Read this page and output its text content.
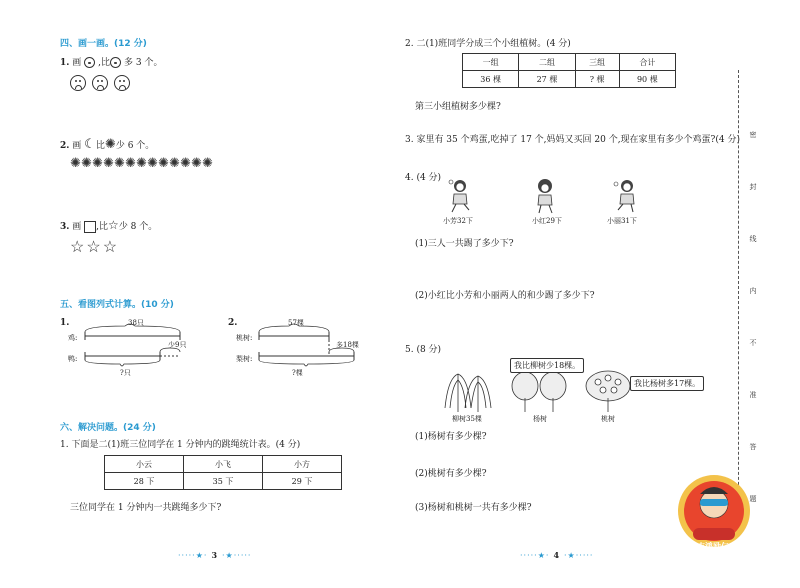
四、画一画。(12 分)
1. 画 ,比 多 3 个。

2. 画 ☾比✺少 6 个。
✺✺✺✺✺✺✺✺✺✺✺✺✺
3. 画 ,比☆少 8 个。
☆ ☆ ☆
五、看图列式计算。(10 分)
1.
鸡:
鸭:
38只
少9只
?只
2.
桃树:
梨树:
57棵
多18棵
?棵
六、解决问题。(24 分)
1. 下面是二(1)班三位同学在 1 分钟内的跳绳统计表。(4 分)
小云	小飞	小方
28 下	35 下	29 下
三位同学在 1 分钟内一共跳绳多少下?
·····★· 3 ·★·····
2. 二(1)班同学分成三个小组植树。(4 分)
一组	二组	三组	合计
36 棵	27 棵	? 棵	90 棵
第三小组植树多少棵?
3. 家里有 35 个鸡蛋,吃掉了 17 个,妈妈又买回 20 个,现在家里有多少个鸡蛋?(4 分)
4. (4 分)
小芳32下	小红29下	小丽31下
(1)三人一共踢了多少下?
(2)小红比小芳和小丽两人的和少踢了多少下?
5. (8 分)
我比柳树少18棵。
我比杨树多17棵。
柳树35棵	杨树	桃树
(1)杨树有多少棵?
(2)桃树有多少棵?
(3)杨树和桃树一共有多少棵?
·····★· 4 ·★·····
密
封
线
内
不
准
答
题
志鸿励仁
